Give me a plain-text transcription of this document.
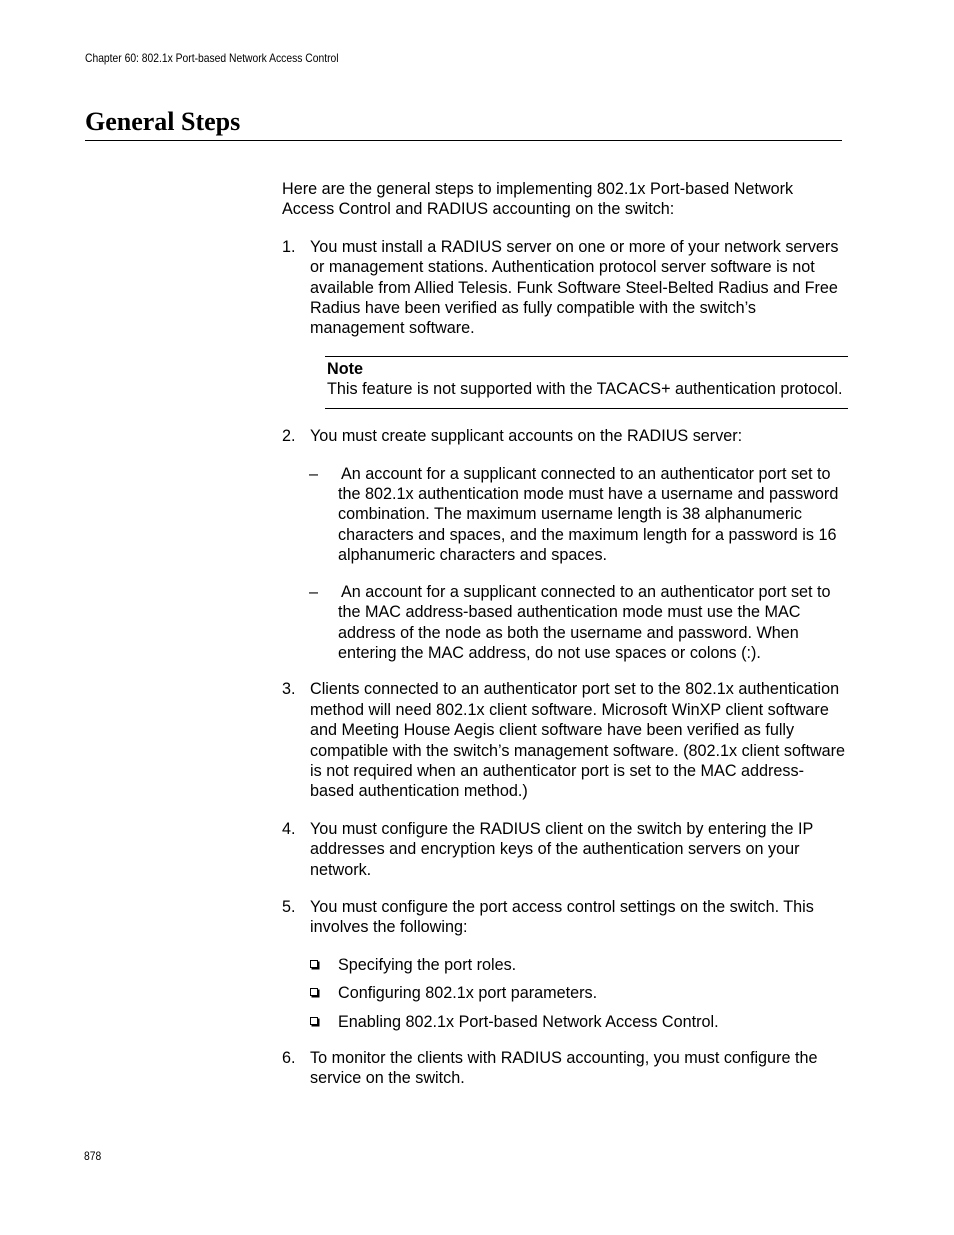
Chapter 60: 802.1x Port-based Network Access Control
General Steps

Here are the general steps to implementing 802.1x Port-based Network Access Control and RADIUS accounting on the switch:

1. You must install a RADIUS server on one or more of your network servers or management stations. Authentication protocol server software is not available from Allied Telesis. Funk Software Steel-Belted Radius and Free Radius have been verified as fully compatible with the switch’s management software.

Note
This feature is not supported with the TACACS+ authentication protocol.
2. You must create supplicant accounts on the RADIUS server:

– An account for a supplicant connected to an authenticator port set to the 802.1x authentication mode must have a username and password combination. The maximum username length is 38 alphanumeric characters and spaces, and the maximum length for a password is 16 alphanumeric characters and spaces.

– An account for a supplicant connected to an authenticator port set to the MAC address-based authentication mode must use the MAC address of the node as both the username and password. When entering the MAC address, do not use spaces or colons (:).

3. Clients connected to an authenticator port set to the 802.1x authentication method will need 802.1x client software. Microsoft WinXP client software and Meeting House Aegis client software have been verified as fully compatible with the switch’s management software. (802.1x client software is not required when an authenticator port is set to the MAC address-based authentication method.)

4. You must configure the RADIUS client on the switch by entering the IP addresses and encryption keys of the authentication servers on your network.

5. You must configure the port access control settings on the switch. This involves the following:

Specifying the port roles.
Configuring 802.1x port parameters.
Enabling 802.1x Port-based Network Access Control.
6. To monitor the clients with RADIUS accounting, you must configure the service on the switch.

878
